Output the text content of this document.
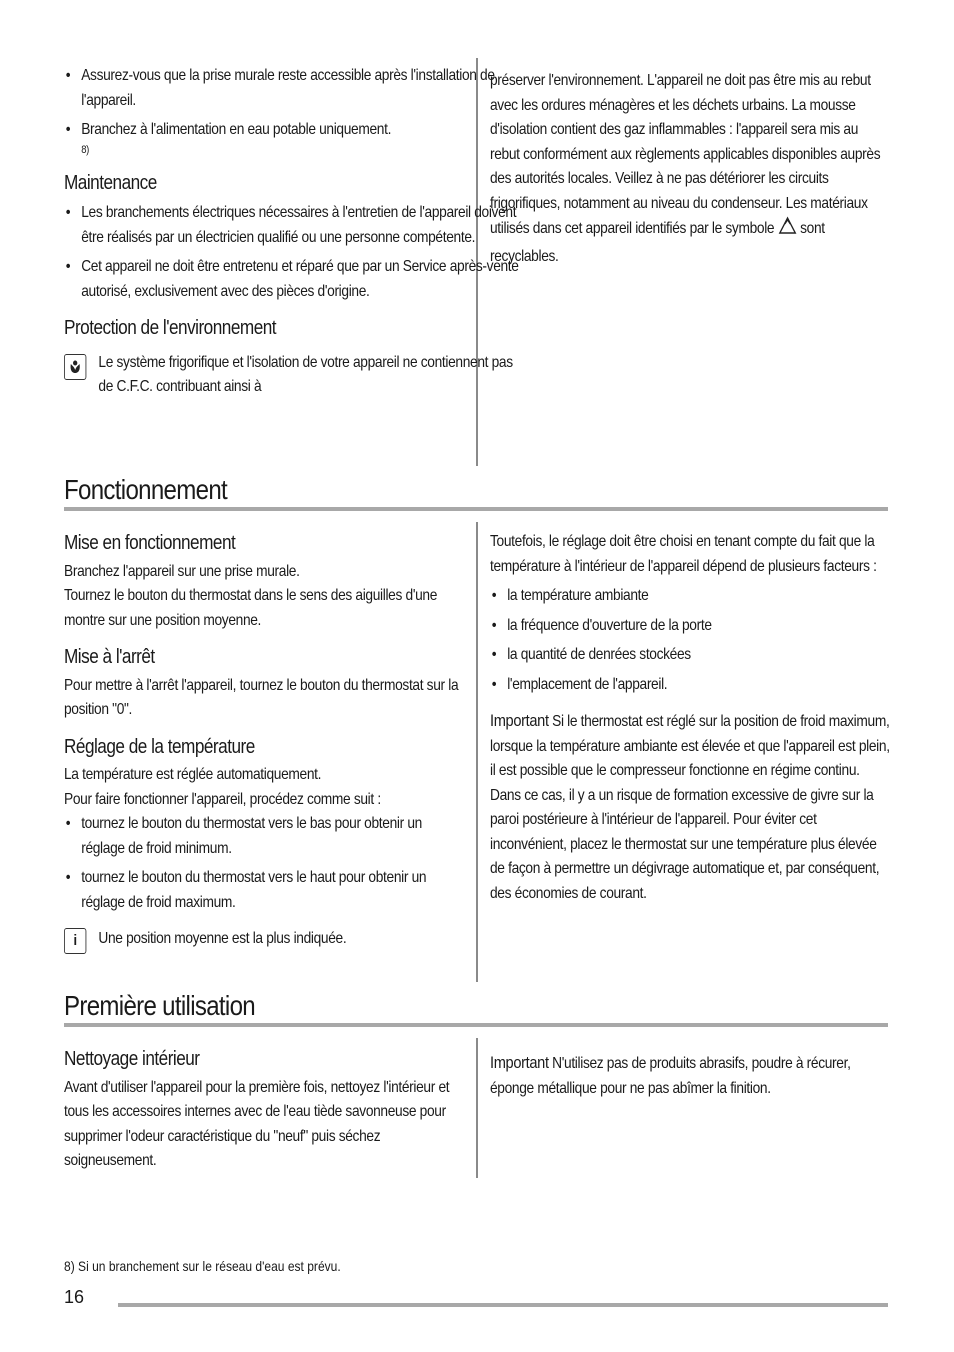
• Assurez-vous que la prise murale reste accessible après l'installation de l'appareil.
• Branchez à l'alimentation en eau potable uniquement.
8)
Maintenance
• Les branchements électriques nécessaires à l'entretien de l'appareil doivent être réalisés par un électricien qualifié ou une personne compétente.
• Cet appareil ne doit être entretenu et réparé que par un Service après-vente autorisé, exclusivement avec des pièces d'origine.
Protection de l'environnement
Le système frigorifique et l'isolation de votre appareil ne contiennent pas de C.F.C. contribuant ainsi à

préserver l'environnement. L'appareil ne doit pas être mis au rebut avec les ordures ménagères et les déchets urbains. La mousse d'isolation contient des gaz inflammables : l'appareil sera mis au rebut conformément aux règlements applicables disponibles auprès des autorités locales. Veillez à ne pas détériorer les circuits frigorifiques, notamment au niveau du condenseur. Les matériaux utilisés dans cet appareil identifiés par le symbole sont recyclables.

Fonctionnement
Mise en fonctionnement

Branchez l'appareil sur une prise murale.

Tournez le bouton du thermostat dans le sens des aiguilles d'une montre sur une position moyenne.

Mise à l'arrêt

Pour mettre à l'arrêt l'appareil, tournez le bouton du thermostat sur la position "0".

Réglage de la température

La température est réglée automatiquement.

Pour faire fonctionner l'appareil, procédez comme suit :

• tournez le bouton du thermostat vers le bas pour obtenir un réglage de froid minimum.
• tournez le bouton du thermostat vers le haut pour obtenir un réglage de froid maximum.
i	Une position moyenne est la plus indiquée.

Toutefois, le réglage doit être choisi en tenant compte du fait que la température à l'intérieur de l'appareil dépend de plusieurs facteurs :

• la température ambiante
• la fréquence d'ouverture de la porte
• la quantité de denrées stockées
• l'emplacement de l'appareil.

Important Si le thermostat est réglé sur la position de froid maximum, lorsque la température ambiante est élevée et que l'appareil est plein, il est possible que le compresseur fonctionne en régime continu. Dans ce cas, il y a un risque de formation excessive de givre sur la paroi postérieure à l'intérieur de l'appareil. Pour éviter cet inconvénient, placez le thermostat sur une température plus élevée de façon à permettre un dégivrage automatique et, par conséquent, des économies de courant.

Première utilisation
Nettoyage intérieur

Avant d'utiliser l'appareil pour la première fois, nettoyez l'intérieur et tous les accessoires internes avec de l'eau tiède savonneuse pour supprimer l'odeur caractéristique du "neuf" puis séchez soigneusement.

Important N'utilisez pas de produits abrasifs, poudre à récurer, éponge métallique pour ne pas abîmer la finition.

8) Si un branchement sur le réseau d'eau est prévu.
16
